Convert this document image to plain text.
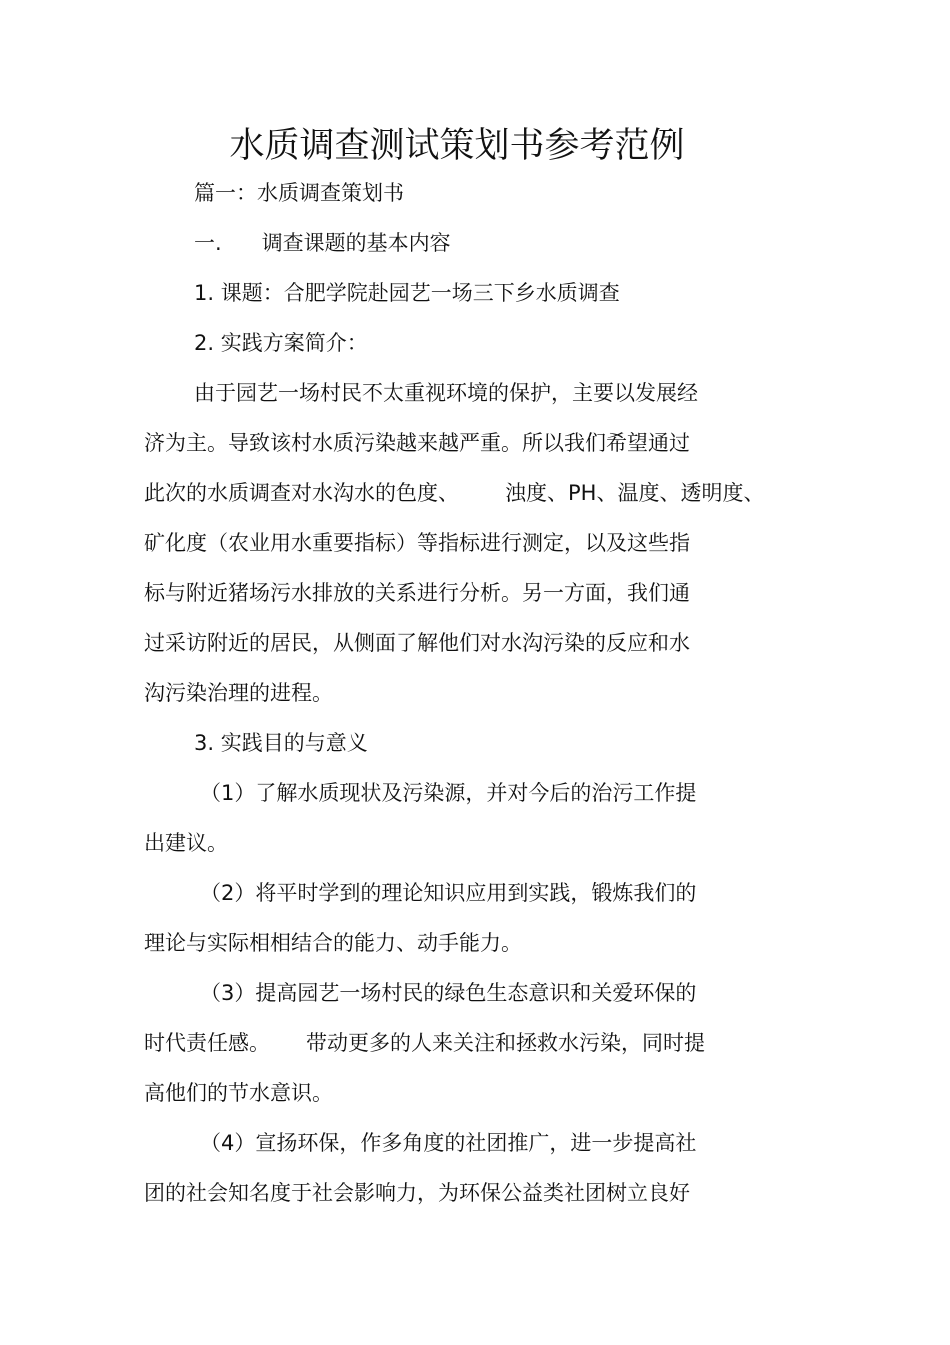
水质调查测试策划书参考范例
篇一：水质调查策划书
一. 调查课题的基本内容
1. 课题：合肥学院赴园艺一场三下乡水质调查
2. 实践方案简介：
由于园艺一场村民不太重视环境的保护，主要以发展经
济为主。导致该村水质污染越来越严重。所以我们希望通过
此次的水质调查对水沟水的色度、 浊度、PH、温度、透明度、
矿化度（农业用水重要指标）等指标进行测定，以及这些指
标与附近猪场污水排放的关系进行分析。另一方面，我们通
过采访附近的居民，从侧面了解他们对水沟污染的反应和水
沟污染治理的进程。
3. 实践目的与意义
（1）了解水质现状及污染源，并对今后的治污工作提
出建议。
（2）将平时学到的理论知识应用到实践，锻炼我们的
理论与实际相相结合的能力、动手能力。
（3）提高园艺一场村民的绿色生态意识和关爱环保的
时代责任感。 带动更多的人来关注和拯救水污染，同时提
高他们的节水意识。
（4）宣扬环保，作多角度的社团推广，进一步提高社
团的社会知名度于社会影响力，为环保公益类社团树立良好
